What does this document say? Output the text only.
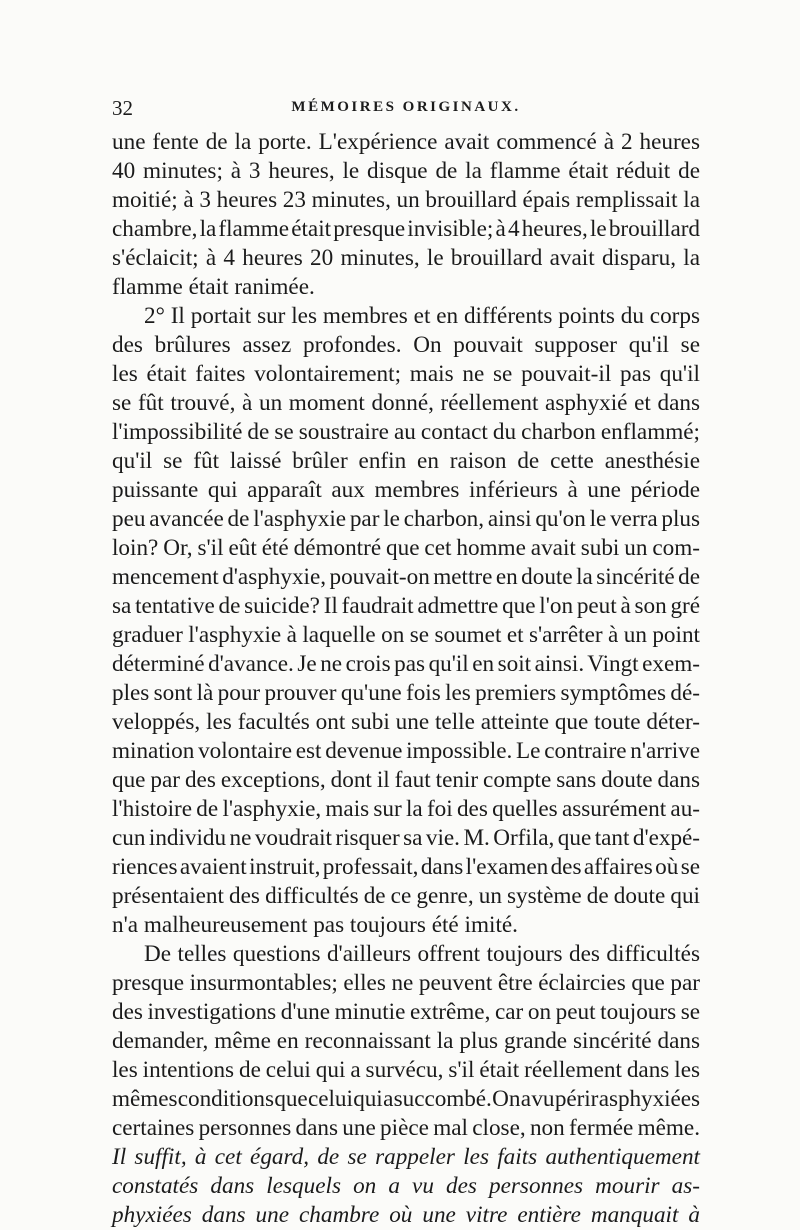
32	MÉMOIRES ORIGINAUX.

une fente de la porte. L'expérience avait commencé à 2 heures
40 minutes; à 3 heures, le disque de la flamme était réduit de
moitié; à 3 heures 23 minutes, un brouillard épais remplissait la
chambre, la flamme était presque invisible; à 4 heures, le brouillard
s'éclaicit; à 4 heures 20 minutes, le brouillard avait disparu, la
flamme était ranimée.

2° Il portait sur les membres et en différents points du corps
des brûlures assez profondes. On pouvait supposer qu'il se
les était faites volontairement; mais ne se pouvait-il pas qu'il
se fût trouvé, à un moment donné, réellement asphyxié et dans
l'impossibilité de se soustraire au contact du charbon enflammé;
qu'il se fût laissé brûler enfin en raison de cette anesthésie
puissante qui apparaît aux membres inférieurs à une période
peu avancée de l'asphyxie par le charbon, ainsi qu'on le verra plus
loin? Or, s'il eût été démontré que cet homme avait subi un com-
mencement d'asphyxie, pouvait-on mettre en doute la sincérité de
sa tentative de suicide? Il faudrait admettre que l'on peut à son gré
graduer l'asphyxie à laquelle on se soumet et s'arrêter à un point
déterminé d'avance. Je ne crois pas qu'il en soit ainsi. Vingt exem-
ples sont là pour prouver qu'une fois les premiers symptômes dé-
veloppés, les facultés ont subi une telle atteinte que toute déter-
mination volontaire est devenue impossible. Le contraire n'arrive
que par des exceptions, dont il faut tenir compte sans doute dans
l'histoire de l'asphyxie, mais sur la foi des quelles assurément au-
cun individu ne voudrait risquer sa vie. M. Orfila, que tant d'expé-
riences avaient instruit, professait, dans l'examen des affaires où se
présentaient des difficultés de ce genre, un système de doute qui
n'a malheureusement pas toujours été imité.

De telles questions d'ailleurs offrent toujours des difficultés
presque insurmontables; elles ne peuvent être éclaircies que par
des investigations d'une minutie extrême, car on peut toujours se
demander, même en reconnaissant la plus grande sincérité dans
les intentions de celui qui a survécu, s'il était réellement dans les
mêmes conditions que celui qui a succombé. On a vu périr asphyxiées
certaines personnes dans une pièce mal close, non fermée même.
Il suffit, à cet égard, de se rappeler les faits authentiquement
constatés dans lesquels on a vu des personnes mourir as-
phyxiées dans une chambre où une vitre entière manquait à
